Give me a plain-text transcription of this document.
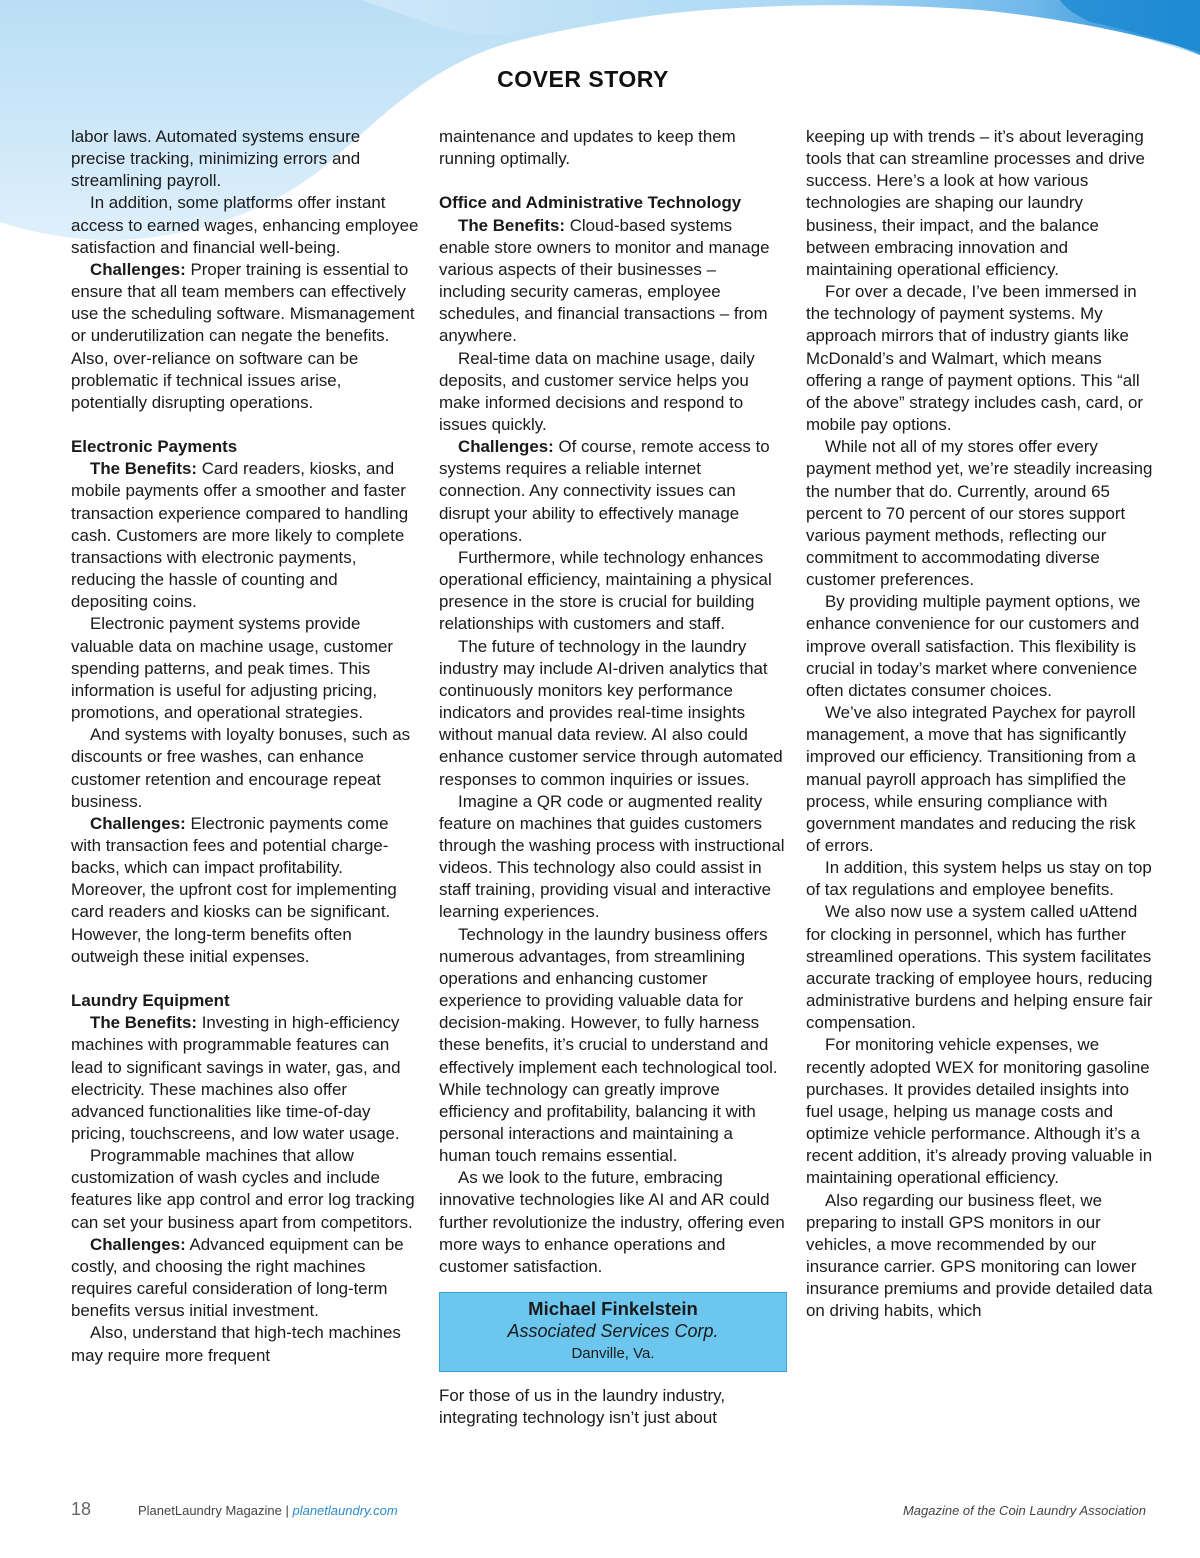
COVER STORY

labor laws. Automated systems ensure precise tracking, minimizing errors and streamlining payroll.

In addition, some platforms offer instant access to earned wages, enhancing employee satisfaction and financial well-being.

Challenges: Proper training is essential to ensure that all team members can effectively use the scheduling software. Mismanagement or underutilization can negate the benefits. Also, over-reliance on software can be problematic if technical issues arise, potentially disrupting operations.

Electronic Payments

The Benefits: Card readers, kiosks, and mobile payments offer a smoother and faster transaction experience compared to handling cash. Customers are more likely to complete transactions with electronic payments, reducing the hassle of counting and depositing coins.

Electronic payment systems provide valuable data on machine usage, customer spending patterns, and peak times. This information is useful for adjusting pricing, promotions, and operational strategies.

And systems with loyalty bonuses, such as discounts or free washes, can enhance customer retention and encourage repeat business.

Challenges: Electronic payments come with transaction fees and potential charge-backs, which can impact profitability. Moreover, the upfront cost for implementing card readers and kiosks can be significant. However, the long-term benefits often outweigh these initial expenses.

Laundry Equipment

The Benefits: Investing in high-efficiency machines with programmable features can lead to significant savings in water, gas, and electricity. These machines also offer advanced functionalities like time-of-day pricing, touchscreens, and low water usage.

Programmable machines that allow customization of wash cycles and include features like app control and error log tracking can set your business apart from competitors.

Challenges: Advanced equipment can be costly, and choosing the right machines requires careful consideration of long-term benefits versus initial investment.

Also, understand that high-tech machines may require more frequent

maintenance and updates to keep them running optimally.

Office and Administrative Technology

The Benefits: Cloud-based systems enable store owners to monitor and manage various aspects of their businesses – including security cameras, employee schedules, and financial transactions – from anywhere.

Real-time data on machine usage, daily deposits, and customer service helps you make informed decisions and respond to issues quickly.

Challenges: Of course, remote access to systems requires a reliable internet connection. Any connectivity issues can disrupt your ability to effectively manage operations.

Furthermore, while technology enhances operational efficiency, maintaining a physical presence in the store is crucial for building relationships with customers and staff.

The future of technology in the laundry industry may include AI-driven analytics that continuously monitors key performance indicators and provides real-time insights without manual data review. AI also could enhance customer service through automated responses to common inquiries or issues.

Imagine a QR code or augmented reality feature on machines that guides customers through the washing process with instructional videos. This technology also could assist in staff training, providing visual and interactive learning experiences.

Technology in the laundry business offers numerous advantages, from streamlining operations and enhancing customer experience to providing valuable data for decision-making. However, to fully harness these benefits, it’s crucial to understand and effectively implement each technological tool. While technology can greatly improve efficiency and profitability, balancing it with personal interactions and maintaining a human touch remains essential.

As we look to the future, embracing innovative technologies like AI and AR could further revolutionize the industry, offering even more ways to enhance operations and customer satisfaction.

Michael Finkelstein
Associated Services Corp.
Danville, Va.

For those of us in the laundry industry, integrating technology isn’t just about

keeping up with trends – it’s about leveraging tools that can streamline processes and drive success. Here’s a look at how various technologies are shaping our laundry business, their impact, and the balance between embracing innovation and maintaining operational efficiency.

For over a decade, I’ve been immersed in the technology of payment systems. My approach mirrors that of industry giants like McDonald’s and Walmart, which means offering a range of payment options. This “all of the above” strategy includes cash, card, or mobile pay options.

While not all of my stores offer every payment method yet, we’re steadily increasing the number that do. Currently, around 65 percent to 70 percent of our stores support various payment methods, reflecting our commitment to accommodating diverse customer preferences.

By providing multiple payment options, we enhance convenience for our customers and improve overall satisfaction. This flexibility is crucial in today’s market where convenience often dictates consumer choices.

We’ve also integrated Paychex for payroll management, a move that has significantly improved our efficiency. Transitioning from a manual payroll approach has simplified the process, while ensuring compliance with government mandates and reducing the risk of errors.

In addition, this system helps us stay on top of tax regulations and employee benefits.

We also now use a system called uAttend for clocking in personnel, which has further streamlined operations. This system facilitates accurate tracking of employee hours, reducing administrative burdens and helping ensure fair compensation.

For monitoring vehicle expenses, we recently adopted WEX for monitoring gasoline purchases. It provides detailed insights into fuel usage, helping us manage costs and optimize vehicle performance. Although it’s a recent addition, it’s already proving valuable in maintaining operational efficiency.

Also regarding our business fleet, we preparing to install GPS monitors in our vehicles, a move recommended by our insurance carrier. GPS monitoring can lower insurance premiums and provide detailed data on driving habits, which

18	PlanetLaundry Magazine | planetlaundry.com	Magazine of the Coin Laundry Association
